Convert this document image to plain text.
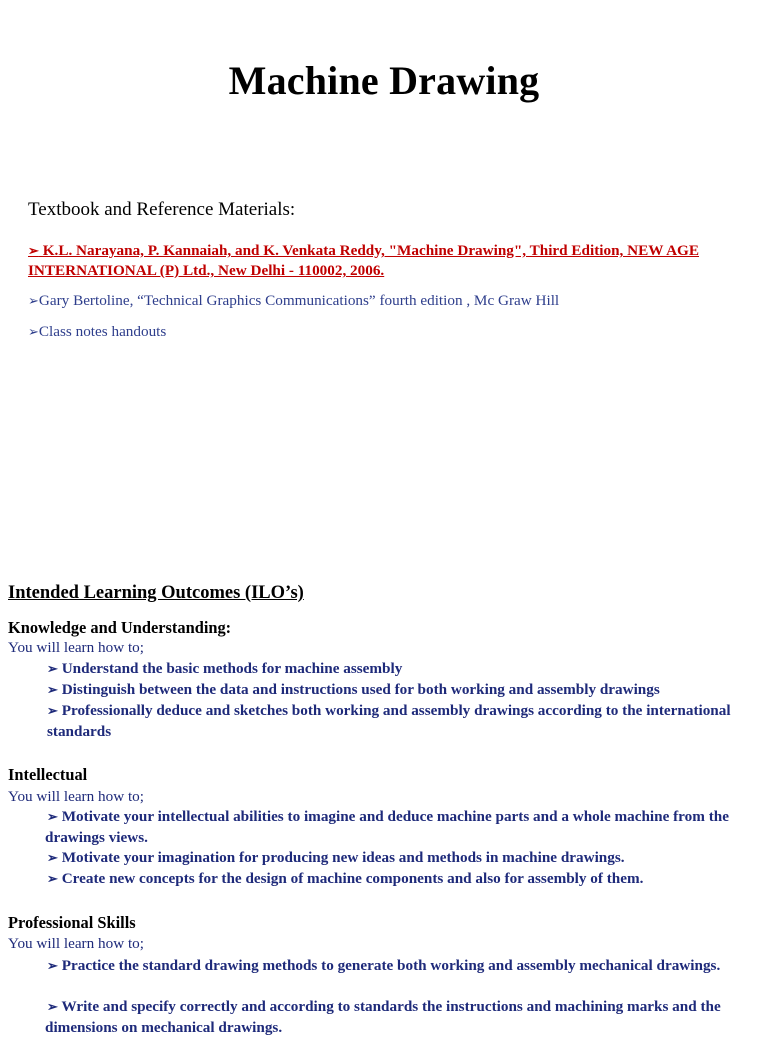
Machine Drawing
Textbook and Reference Materials:
➢ K.L. Narayana, P. Kannaiah, and K. Venkata Reddy, "Machine Drawing", Third Edition, NEW AGE INTERNATIONAL (P) Ltd., New Delhi - 110002, 2006.
➢Gary Bertoline, “Technical Graphics Communications” fourth edition , Mc Graw Hill
➢Class notes handouts
Intended Learning Outcomes (ILO’s)
Knowledge and Understanding:
You will learn how to;
➢ Understand the basic methods for machine assembly
➢ Distinguish between the data and instructions used for both working and assembly drawings
➢ Professionally deduce and sketches both working and assembly drawings according to the international standards
Intellectual
You will learn how to;
➢ Motivate your intellectual abilities to imagine and deduce machine parts and a whole machine from the drawings views.
➢ Motivate your imagination for producing new ideas and methods in machine drawings.
➢ Create new concepts for the design of machine components and also for assembly of them.
Professional Skills
You will learn how to;
➢ Practice the standard drawing methods to generate both working and assembly mechanical drawings.
➢ Write and specify correctly and according to standards the instructions and machining marks and the dimensions on mechanical drawings.
